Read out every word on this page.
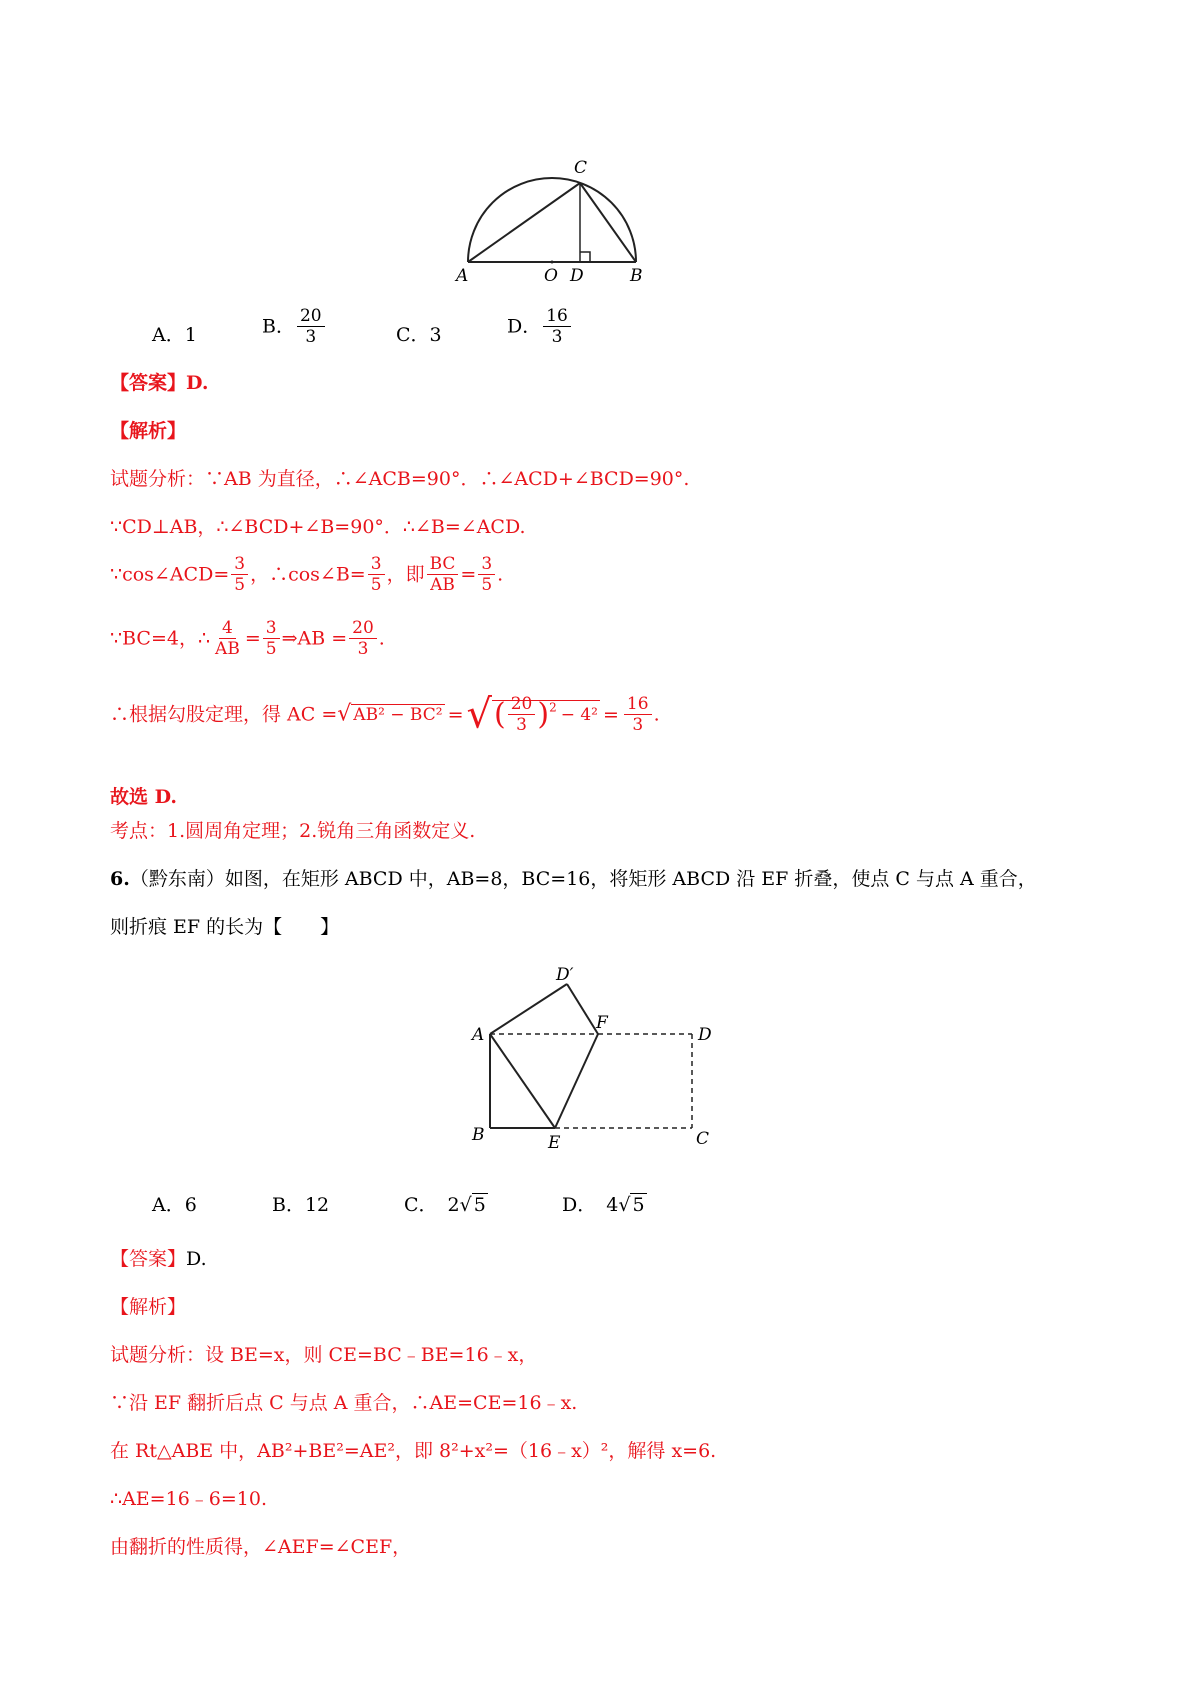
A	O D	B
C
A．1	B． $\frac{20}{3}$	C．3	D． $\frac{16}{3}$
【答案】D.
【解析】
试题分析：∵AB 为直径，∴∠ACB=90°．∴∠ACD+∠BCD=90°.
∵CD⊥AB，∴∠BCD+∠B=90°．∴∠B=∠ACD.
∵cos∠ACD= $\frac{3}{5}$ ，∴cos∠B= $\frac{3}{5}$ ，即 $\frac{BC}{AB} = \frac{3}{5}$ .
∵BC=4，∴ $\frac{4}{AB} = \frac{3}{5}$ ⇒AB = $\frac{20}{3}$ .
∴根据勾股定理，得 AC =√ AB² − BC² =√( $\frac{20}{3} )^2 - 4^2 = \frac{16}{3}$ .
故选 D.
考点：1.圆周角定理；2.锐角三角函数定义.
6.（黔东南）如图，在矩形 ABCD 中，AB=8，BC=16，将矩形 ABCD 沿 EF 折叠，使点 C 与点 A 重合，
则折痕 EF 的长为【　　】
D′
A
F
D
B	E	C
A．6	B．12	C． 2√ 5	D． 4√ 5
【答案】D.
【解析】
试题分析：设 BE=x，则 CE=BC﹣BE=16﹣x，
∵沿 EF 翻折后点 C 与点 A 重合，∴AE=CE=16﹣x.
在 Rt△ABE 中，AB²+BE²=AE²，即 8²+x²=（16﹣x）²，解得 x=6.
∴AE=16﹣6=10.
由翻折的性质得，∠AEF=∠CEF，
